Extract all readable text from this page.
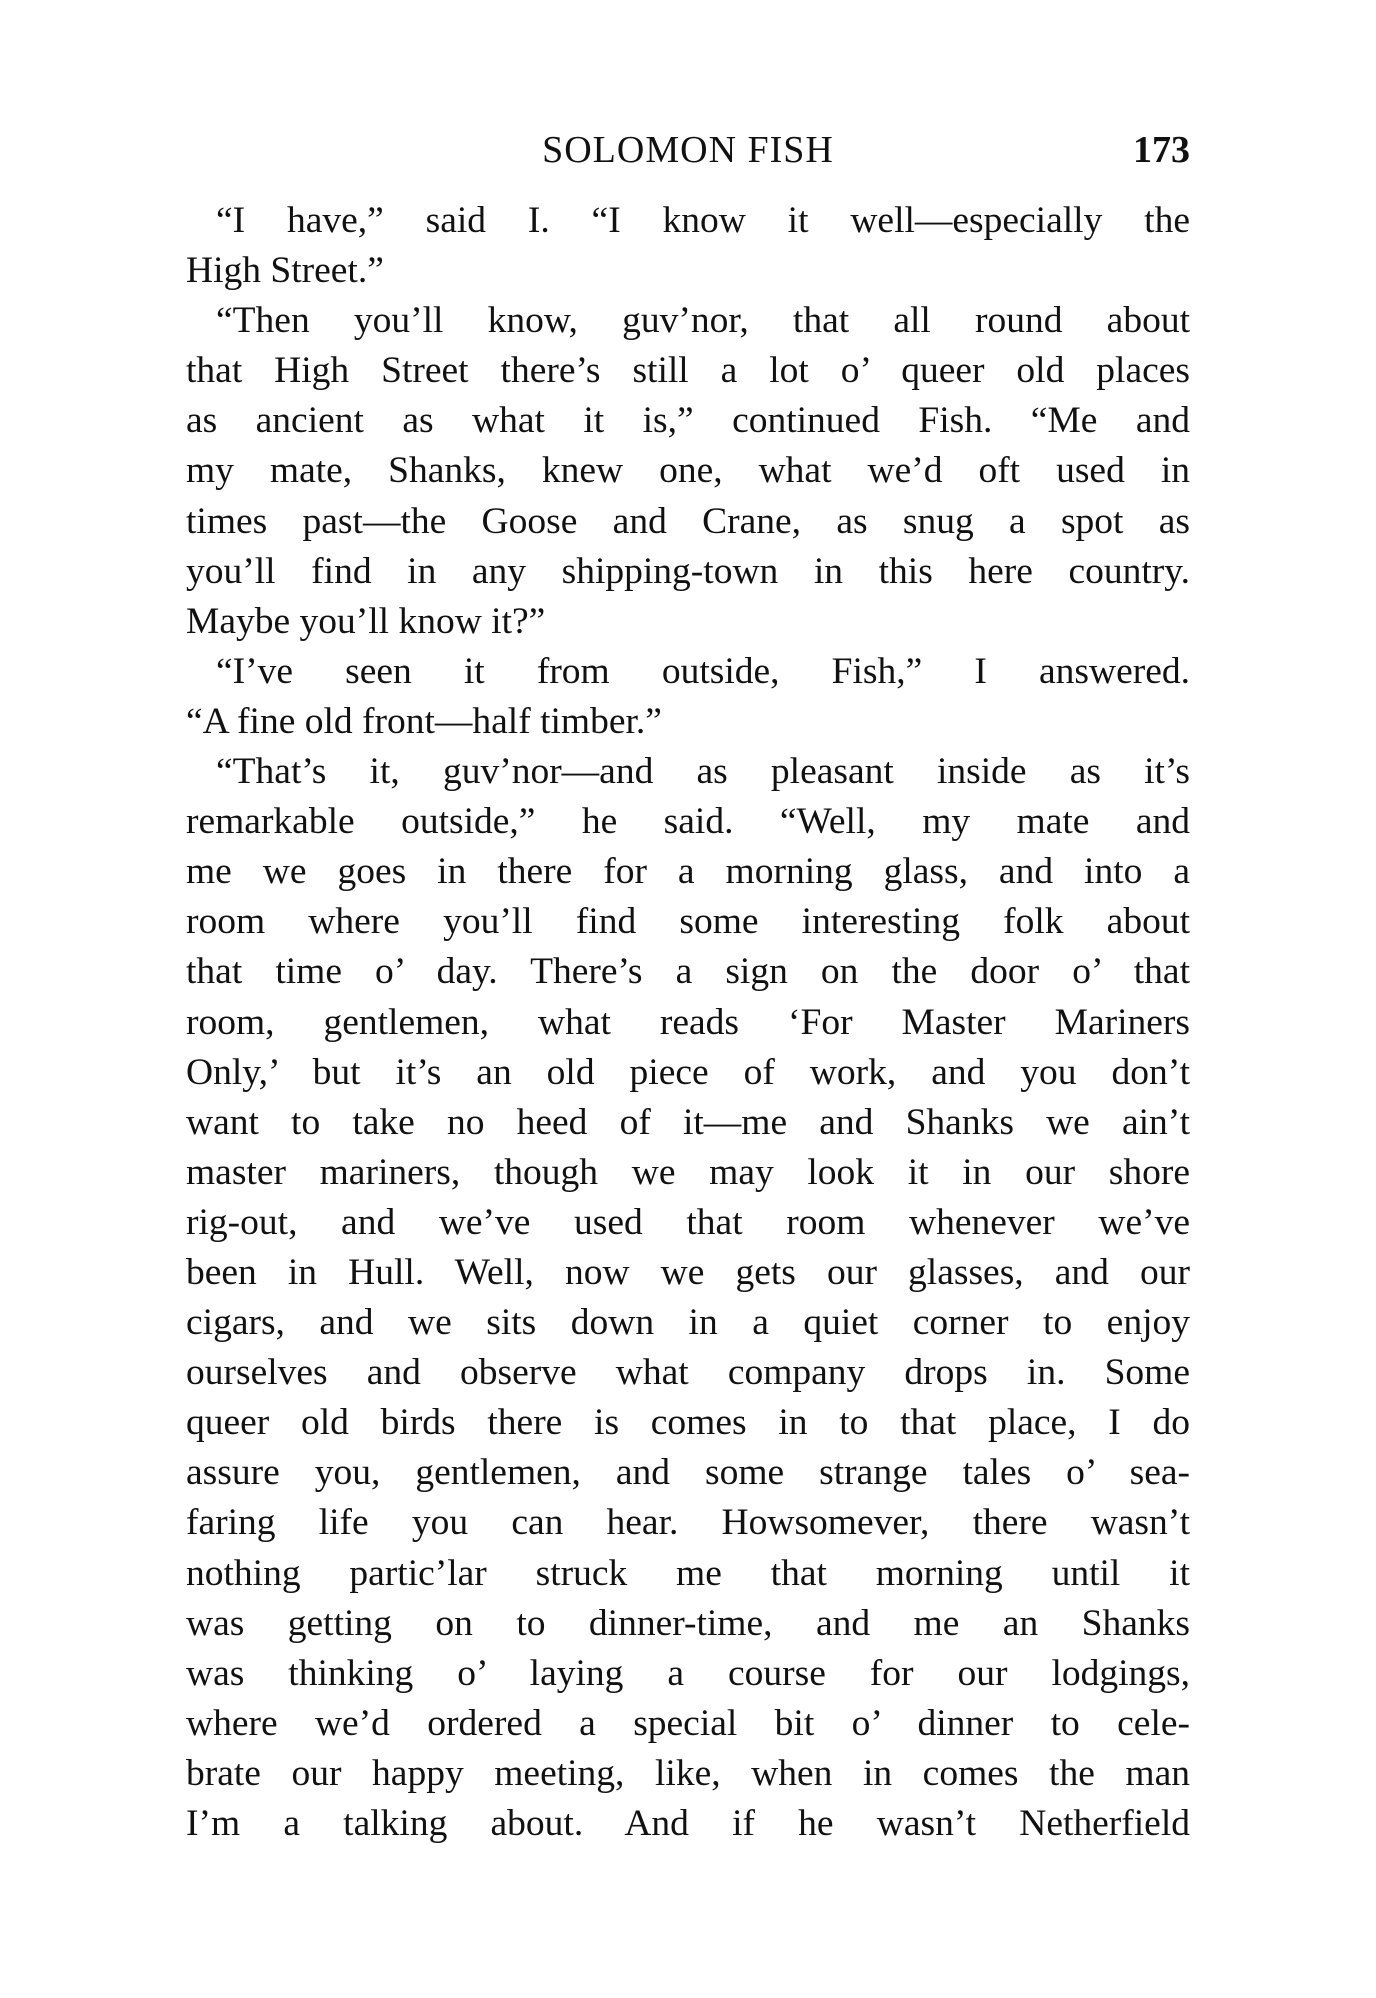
SOLOMON FISH	173
“I have,” said I. “I know it well—especially the
High Street.”
“Then you’ll know, guv’nor, that all round about
that High Street there’s still a lot o’ queer old places
as ancient as what it is,” continued Fish. “Me and
my mate, Shanks, knew one, what we’d oft used in
times past—the Goose and Crane, as snug a spot as
you’ll find in any shipping-town in this here country.
Maybe you’ll know it?”
“I’ve seen it from outside, Fish,” I answered.
“A fine old front—half timber.”
“That’s it, guv’nor—and as pleasant inside as it’s
remarkable outside,” he said. “Well, my mate and
me we goes in there for a morning glass, and into a
room where you’ll find some interesting folk about
that time o’ day. There’s a sign on the door o’ that
room, gentlemen, what reads ‘For Master Mariners
Only,’ but it’s an old piece of work, and you don’t
want to take no heed of it—me and Shanks we ain’t
master mariners, though we may look it in our shore
rig-out, and we’ve used that room whenever we’ve
been in Hull. Well, now we gets our glasses, and our
cigars, and we sits down in a quiet corner to enjoy
ourselves and observe what company drops in. Some
queer old birds there is comes in to that place, I do
assure you, gentlemen, and some strange tales o’ sea-
faring life you can hear. Howsomever, there wasn’t
nothing partic’lar struck me that morning until it
was getting on to dinner-time, and me an Shanks
was thinking o’ laying a course for our lodgings,
where we’d ordered a special bit o’ dinner to cele-
brate our happy meeting, like, when in comes the man
I’m a talking about. And if he wasn’t Netherfield
